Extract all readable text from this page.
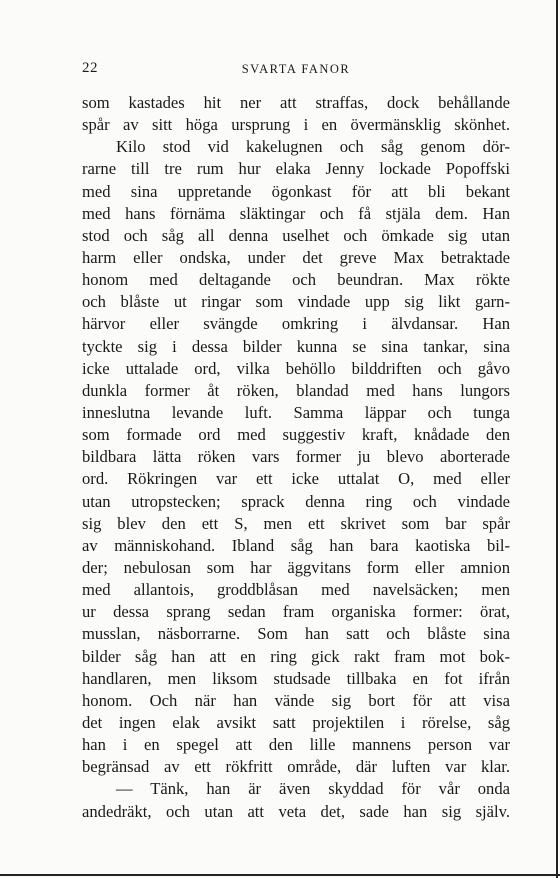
22	SVARTA FANOR
som kastades hit ner att straffas, dock behållande
spår av sitt höga ursprung i en övermänsklig skönhet.
Kilo stod vid kakelugnen och såg genom dör-
rarne till tre rum hur elaka Jenny lockade Popoffski
med sina uppretande ögonkast för att bli bekant
med hans förnäma släktingar och få stjäla dem. Han
stod och såg all denna uselhet och ömkade sig utan
harm eller ondska, under det greve Max betraktade
honom med deltagande och beundran. Max rökte
och blåste ut ringar som vindade upp sig likt garn-
härvor eller svängde omkring i älvdansar. Han
tyckte sig i dessa bilder kunna se sina tankar, sina
icke uttalade ord, vilka behöllo bilddriften och gåvo
dunkla former åt röken, blandad med hans lungors
inneslutna levande luft. Samma läppar och tunga
som formade ord med suggestiv kraft, knådade den
bildbara lätta röken vars former ju blevo aborterade
ord. Rökringen var ett icke uttalat O, med eller
utan utropstecken; sprack denna ring och vindade
sig blev den ett S, men ett skrivet som bar spår
av människohand. Ibland såg han bara kaotiska bil-
der; nebulosan som har äggvitans form eller amnion
med allantois, groddblåsan med navelsäcken; men
ur dessa sprang sedan fram organiska former: örat,
musslan, näsborrarne. Som han satt och blåste sina
bilder såg han att en ring gick rakt fram mot bok-
handlaren, men liksom studsade tillbaka en fot ifrån
honom. Och när han vände sig bort för att visa
det ingen elak avsikt satt projektilen i rörelse, såg
han i en spegel att den lille mannens person var
begränsad av ett rökfritt område, där luften var klar.
— Tänk, han är även skyddad för vår onda
andedräkt, och utan att veta det, sade han sig själv.
